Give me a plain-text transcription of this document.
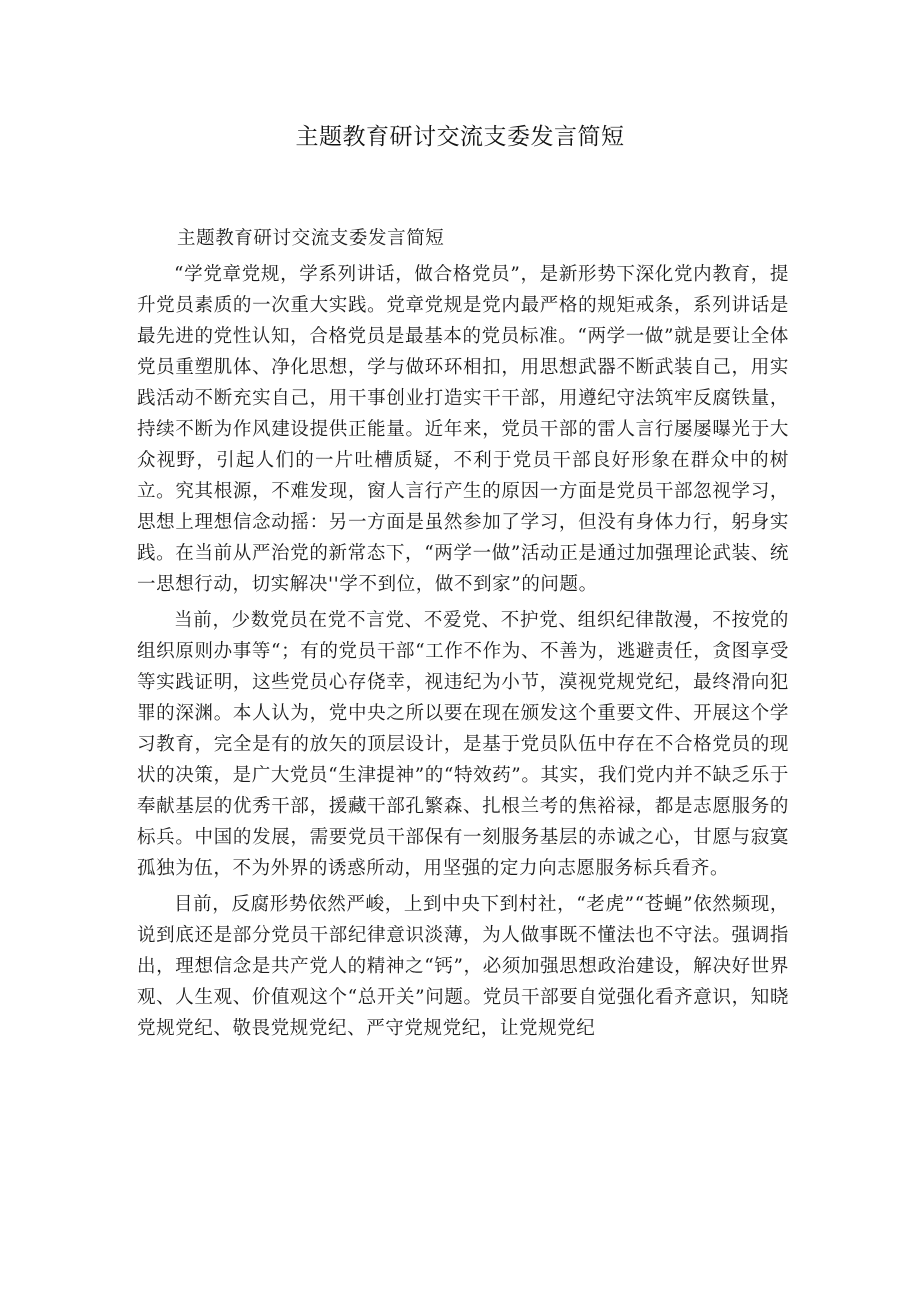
主题教育研讨交流支委发言简短

主题教育研讨交流支委发言简短

“学党章党规，学系列讲话，做合格党员”，是新形势下深化党内教育，提升党员素质的一次重大实践。党章党规是党内最严格的规矩戒条，系列讲话是最先进的党性认知，合格党员是最基本的党员标准。“两学一做”就是要让全体党员重塑肌体、净化思想，学与做环环相扣，用思想武器不断武装自己，用实践活动不断充实自己，用干事创业打造实干干部，用遵纪守法筑牢反腐铁量，持续不断为作风建设提供正能量。近年来，党员干部的雷人言行屡屡曝光于大众视野，引起人们的一片吐槽质疑，不利于党员干部良好形象在群众中的树立。究其根源，不难发现，窗人言行产生的原因一方面是党员干部忽视学习，思想上理想信念动摇：另一方面是虽然参加了学习，但没有身体力行，躬身实践。在当前从严治党的新常态下，“两学一做”活动正是通过加强理论武装、统一思想行动，切实解决''学不到位，做不到家”的问题。

当前，少数党员在党不言党、不爱党、不护党、组织纪律散漫，不按党的组织原则办事等“；有的党员干部“工作不作为、不善为，逃避责任，贪图享受等实践证明，这些党员心存侥幸，视违纪为小节，漠视党规党纪，最终滑向犯罪的深渊。本人认为，党中央之所以要在现在颁发这个重要文件、开展这个学习教育，完全是有的放矢的顶层设计，是基于党员队伍中存在不合格党员的现状的决策，是广大党员“生津提神”的“特效药”。其实，我们党内并不缺乏乐于奉献基层的优秀干部，援藏干部孔繁森、扎根兰考的焦裕禄，都是志愿服务的标兵。中国的发展，需要党员干部保有一刻服务基层的赤诚之心，甘愿与寂寞孤独为伍，不为外界的诱惑所动，用坚强的定力向志愿服务标兵看齐。

目前，反腐形势依然严峻，上到中央下到村社，“老虎”“苍蝇”依然频现，说到底还是部分党员干部纪律意识淡薄，为人做事既不懂法也不守法。强调指出，理想信念是共产党人的精神之“钙”，必须加强思想政治建设，解决好世界观、人生观、价值观这个“总开关”问题。党员干部要自觉强化看齐意识，知晓党规党纪、敬畏党规党纪、严守党规党纪，让党规党纪
